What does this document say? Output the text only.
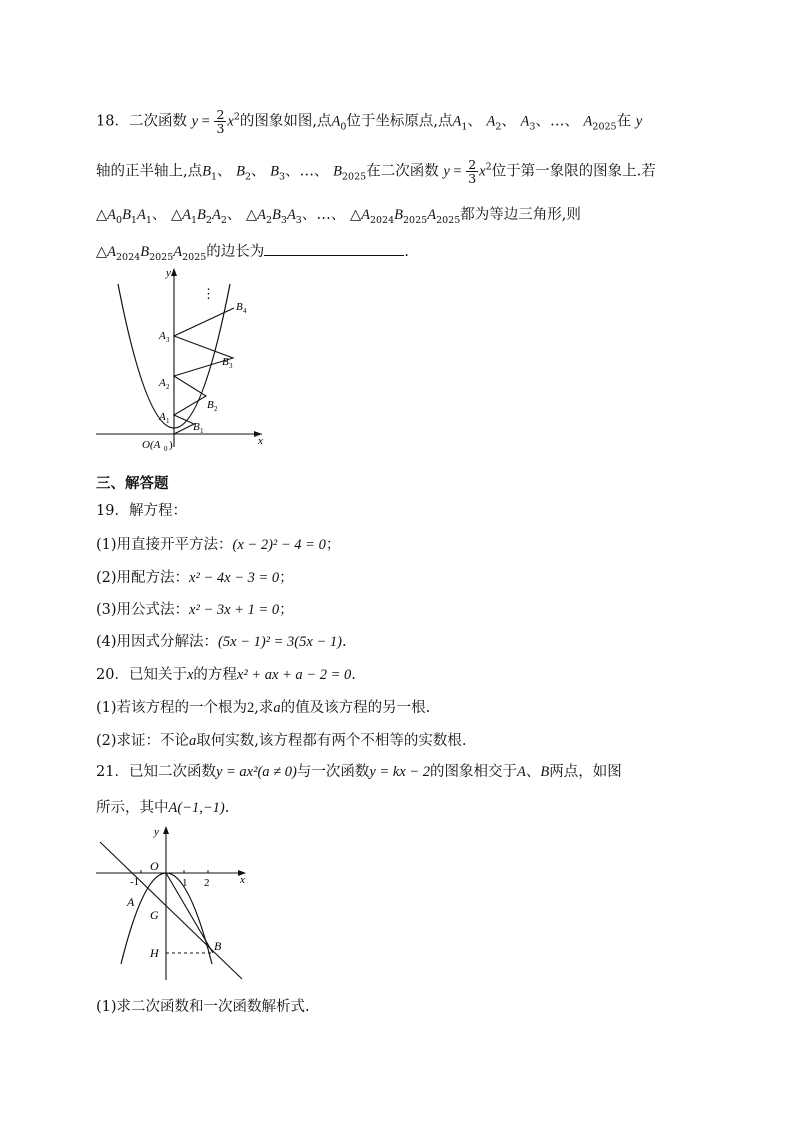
18．二次函数 $y = \frac{2}{3} x^2$的图象如图,点$A_0$位于坐标原点,点$A_1$、 $A_2$、 $A_3$、…、 $A_{2025}$在 y
轴的正半轴上,点$B_1$、 $B_2$、 $B_3$、…、 $B_{2025}$在二次函数 $y = \frac{2}{3} x^2$位于第一象限的图象上.若
$\triangle A_0B_1A_1$、 $\triangle A_1B_2A_2$、 $\triangle A_2B_3A_3$、…、 $\triangle A_{2024}B_{2025}A_{2025}$都为等边三角形,则
$\triangle A_{2024}B_{2025}A_{2025}$的边长为	.
y
x
⋮
B 4
B 3
B 2
B 1
A 3
A 2
A 1
O(A 0 )
三、解答题
19．解方程：
(1)用直接开平方法：(x − 2)² − 4 = 0；
(2)用配方法：x² − 4x − 3 = 0；
(3)用公式法：x² − 3x + 1 = 0；
(4)用因式分解法：(5x − 1)² = 3(5x − 1).
20．已知关于x的方程x² + ax + a − 2 = 0.
(1)若该方程的一个根为2,求a的值及该方程的另一根.
(2)求证：不论a取何实数,该方程都有两个不相等的实数根.
21．已知二次函数y = ax²(a ≠ 0)与一次函数y = kx − 2的图象相交于A、B两点，如图
所示，其中A(−1,−1).
y
x
O
-1	1 2
A
G
H	B
(1)求二次函数和一次函数解析式.
